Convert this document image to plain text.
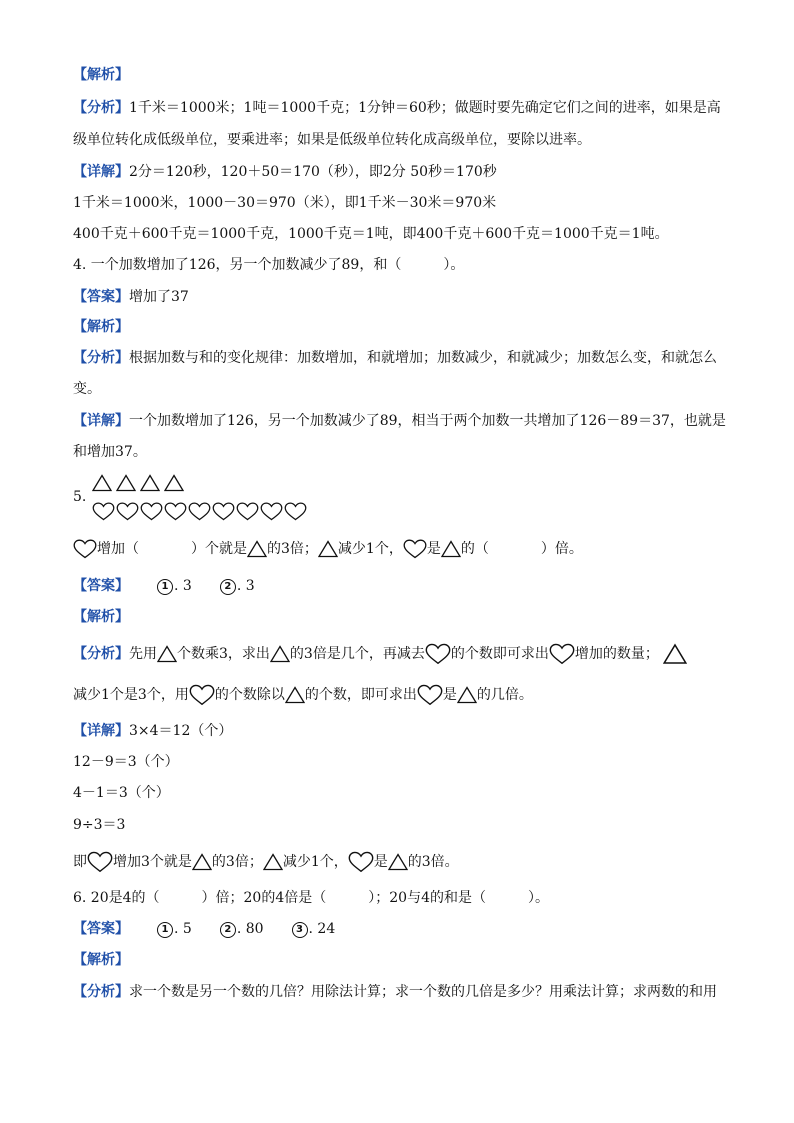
【解析】
【分析】1千米＝1000米；1吨＝1000千克；1分钟＝60秒；做题时要先确定它们之间的进率，如果是高
级单位转化成低级单位，要乘进率；如果是低级单位转化成高级单位，要除以进率。
【详解】2分＝120秒，120＋50＝170（秒），即2分 50秒＝170秒
1千米＝1000米，1000－30＝970（米），即1千米－30米＝970米
400千克＋600千克＝1000千克，1000千克＝1吨，即400千克＋600千克＝1000千克＝1吨。
4. 一个加数增加了126，另一个加数减少了89，和（　　　）。
【答案】增加了37
【解析】
【分析】根据加数与和的变化规律：加数增加，和就增加；加数减少，和就减少；加数怎么变，和就怎么
变。
【详解】一个加数增加了126，另一个加数减少了89，相当于两个加数一共增加了126－89＝37，也就是
和增加37。
5.
增加（	）个就是 的3倍； 减少1个， 是 的（	）倍。
【答案】	1 . 3	2 . 3
【解析】
【分析】先用 个数乘3，求出 的3倍是几个，再减去 的个数即可求出 增加的数量；
减少1个是3个，用 的个数除以 的个数，即可求出 是 的几倍。
【详解】3×4＝12（个）
12－9＝3（个）
4－1＝3（个）
9÷3＝3
即 增加3个就是 的3倍； 减少1个， 是 的3倍。
6. 20是4的（　　　）倍；20的4倍是（　　　）；20与4的和是（　　　）。
【答案】	1 . 5	2 . 80	3 . 24
【解析】
【分析】求一个数是另一个数的几倍？用除法计算；求一个数的几倍是多少？用乘法计算；求两数的和用
